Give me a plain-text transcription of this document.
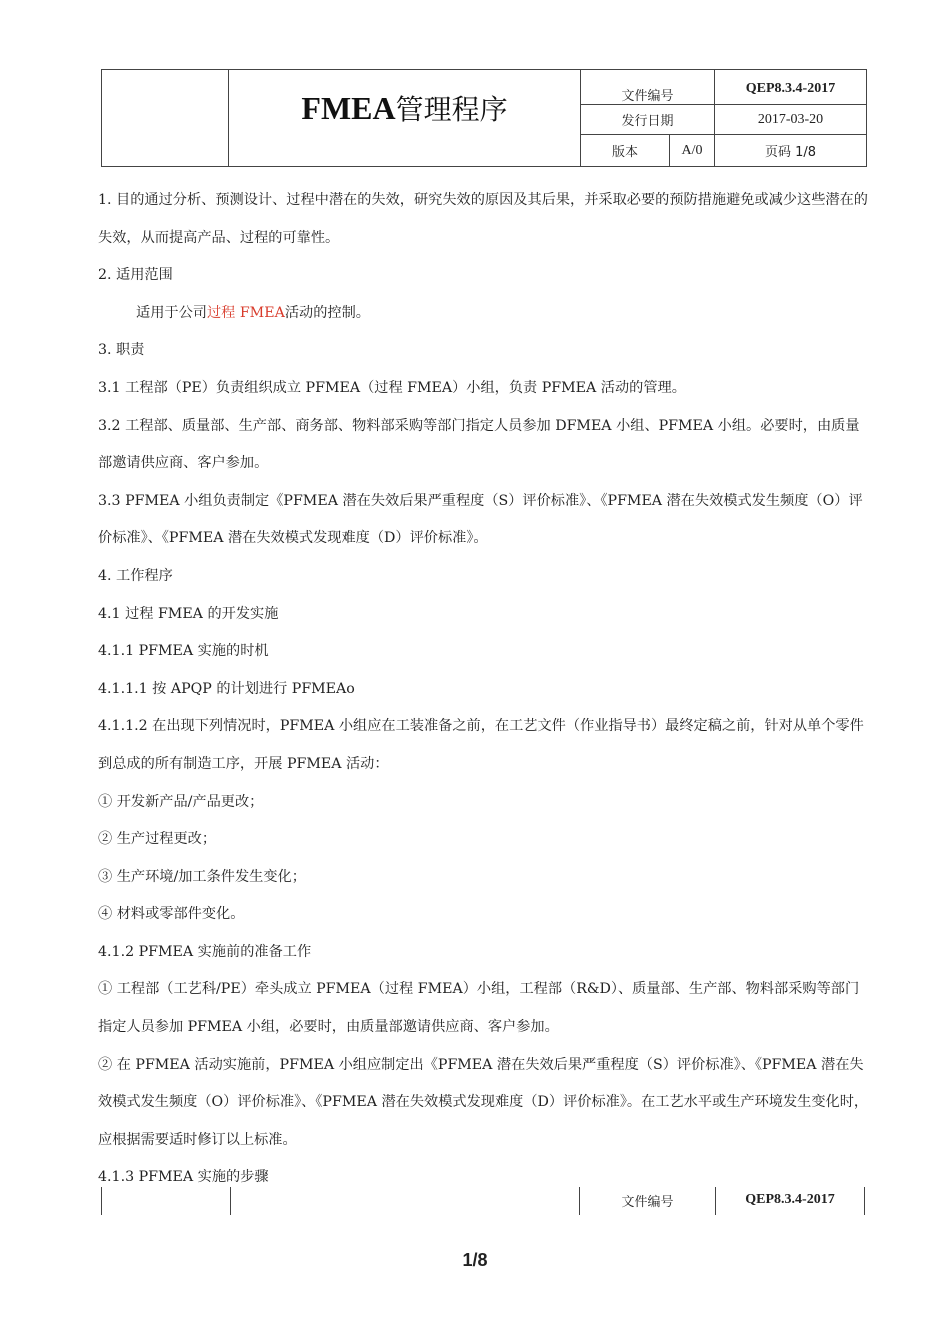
FMEA 管理程序	文件编号	QEP8.3.4-2017
发行日期	2017-03-20
版本	A/0	页码 1/8

1. 目的通过分析、预测设计、过程中潜在的失效，研究失效的原因及其后果，并采取必要的预防措施避免或减少这些潜在的失效，从而提高产品、过程的可靠性。

2. 适用范围

适用于公司过程 FMEA活动的控制。

3. 职责

3.1 工程部（PE）负责组织成立 PFMEA（过程 FMEA）小组，负责 PFMEA 活动的管理。

3.2 工程部、质量部、生产部、商务部、物料部采购等部门指定人员参加 DFMEA 小组、PFMEA 小组。必要时，由质量部邀请供应商、客户参加。

3.3 PFMEA 小组负责制定《PFMEA 潜在失效后果严重程度（S）评价标准》、《PFMEA 潜在失效模式发生频度（O）评价标准》、《PFMEA 潜在失效模式发现难度（D）评价标准》。

4. 工作程序

4.1 过程 FMEA 的开发实施

4.1.1 PFMEA 实施的时机

4.1.1.1 按 APQP 的计划进行 PFMEAo

4.1.1.2 在出现下列情况时，PFMEA 小组应在工装准备之前，在工艺文件（作业指导书）最终定稿之前，针对从单个零件到总成的所有制造工序，开展 PFMEA 活动：

① 开发新产品/产品更改；

② 生产过程更改；

③ 生产环境/加工条件发生变化；

④ 材料或零部件变化。

4.1.2 PFMEA 实施前的准备工作

① 工程部（工艺科/PE）牵头成立 PFMEA（过程 FMEA）小组，工程部（R&D）、质量部、生产部、物料部采购等部门指定人员参加 PFMEA 小组，必要时，由质量部邀请供应商、客户参加。

② 在 PFMEA 活动实施前，PFMEA 小组应制定出《PFMEA 潜在失效后果严重程度（S）评价标准》、《PFMEA 潜在失效模式发生频度（O）评价标准》、《PFMEA 潜在失效模式发现难度（D）评价标准》。在工艺水平或生产环境发生变化时，应根据需要适时修订以上标准。

4.1.3 PFMEA 实施的步骤

文件编号	QEP8.3.4-2017
1/8
